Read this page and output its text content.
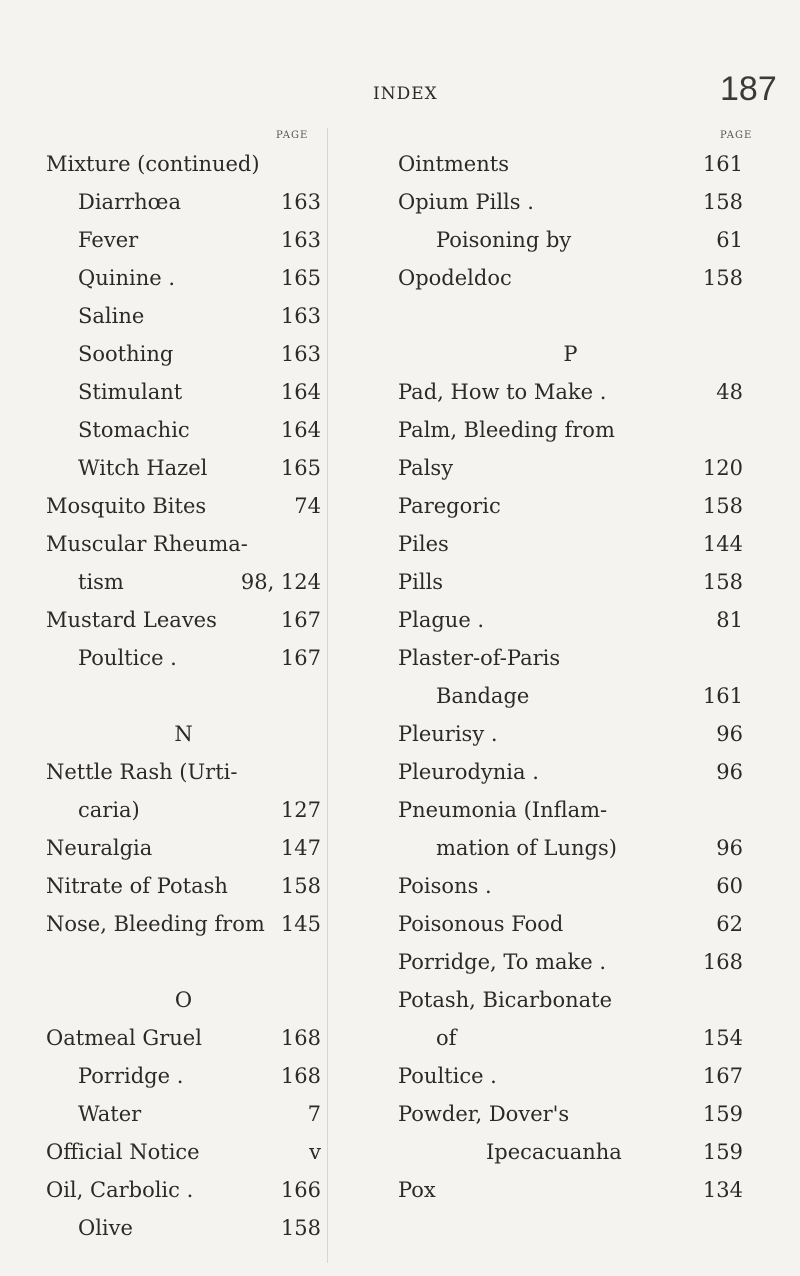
INDEX	187
PAGE	PAGE
Mixture (continued)
Diarrhœa	163
Fever	163
Quinine .	165
Saline	163
Soothing	163
Stimulant	164
Stomachic	164
Witch Hazel	165
Mosquito Bites	74
Muscular Rheuma-
tism	98, 124
Mustard Leaves	167
Poultice .	167
N
Nettle Rash (Urti-
caria)	127
Neuralgia	147
Nitrate of Potash	158
Nose, Bleeding from 145
O
Oatmeal Gruel	168
Porridge .	168
Water	7
Official Notice	v
Oil, Carbolic .	166
Olive	158
Ointments	161
Opium Pills .	158
Poisoning by	61
Opodeldoc	158
P
Pad, How to Make .	48
Palm, Bleeding from
Palsy	120
Paregoric	158
Piles	144
Pills	158
Plague .	81
Plaster-of-Paris
Bandage	161
Pleurisy .	96
Pleurodynia .	96
Pneumonia (Inflam-
mation of Lungs)	96
Poisons .	60
Poisonous Food	62
Porridge, To make .	168
Potash, Bicarbonate
of	154
Poultice .	167
Powder, Dover's	159
Ipecacuanha	159
Pox	134
